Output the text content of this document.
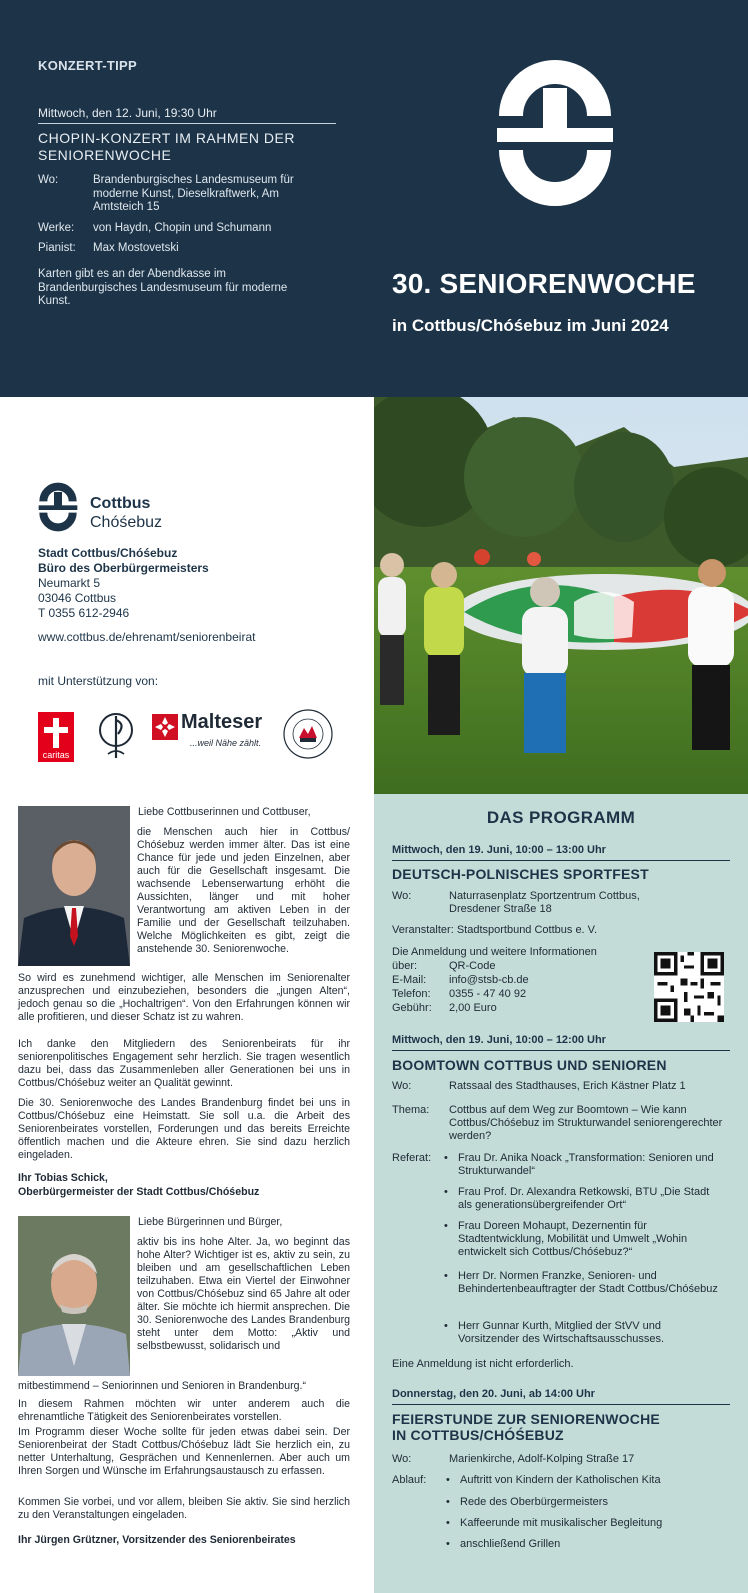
KONZERT-TIPP
Mittwoch, den 12. Juni, 19:30 Uhr
CHOPIN-KONZERT IM RAHMEN DER
SENIORENWOCHE
Wo:	Brandenburgisches Landesmuseum für moderne Kunst, Dieselkraftwerk, Am Amtsteich 15
Werke:	von Haydn, Chopin und Schumann
Pianist:	Max Mostovetski
Karten gibt es an der Abendkasse im Brandenburgisches Landesmuseum für moderne Kunst.
30. SENIORENWOCHE
in Cottbus/Chóśebuz im Juni 2024
Cottbus
Chóśebuz
Stadt Cottbus/Chóśebuz
Büro des Oberbürgermeisters
Neumarkt 5
03046 Cottbus
T 0355 612-2946
www.cottbus.de/ehrenamt/seniorenbeirat
mit Unterstützung von:
caritas
Malteser
...weil Nähe zählt.
Liebe Cottbuserinnen und Cottbuser,
die Menschen auch hier in Cottbus/ Chóśebuz werden immer älter. Das ist eine Chance für jede und jeden Einzelnen, aber auch für die Gesellschaft insgesamt. Die wachsende Lebenserwartung erhöht die Aussichten, länger und mit hoher Verantwortung am aktiven Leben in der Familie und der Gesellschaft teilzuhaben. Welche Möglichkeiten es gibt, zeigt die anstehende 30. Seniorenwoche.
So wird es zunehmend wichtiger, alle Menschen im Seniorenalter anzusprechen und einzubeziehen, besonders die „jungen Alten“, jedoch genau so die „Hochaltrigen“. Von den Erfahrungen können wir alle profitieren, und dieser Schatz ist zu wahren.
Ich danke den Mitgliedern des Seniorenbeirats für ihr seniorenpolitisches Engagement sehr herzlich. Sie tragen wesentlich dazu bei, dass das Zusammenleben aller Generationen bei uns in Cottbus/Chóśebuz weiter an Qualität gewinnt.
Die 30. Seniorenwoche des Landes Brandenburg findet bei uns in Cottbus/Chóśebuz eine Heimstatt. Sie soll u.a. die Arbeit des Seniorenbeirates vorstellen, Forderungen und das bereits Erreichte öffentlich machen und die Akteure ehren. Sie sind dazu herzlich eingeladen.
Ihr Tobias Schick,
Oberbürgermeister der Stadt Cottbus/Chóśebuz
Liebe Bürgerinnen und Bürger,
aktiv bis ins hohe Alter. Ja, wo beginnt das hohe Alter? Wichtiger ist es, aktiv zu sein, zu bleiben und am gesellschaftlichen Leben teilzuhaben. Etwa ein Viertel der Einwohner von Cottbus/Chóśebuz sind 65 Jahre alt oder älter. Sie möchte ich hiermit ansprechen. Die 30. Seniorenwoche des Landes Brandenburg steht unter dem Motto: „Aktiv und selbstbewusst, solidarisch und
mitbestimmend – Seniorinnen und Senioren in Brandenburg.“
In diesem Rahmen möchten wir unter anderem auch die ehrenamtliche Tätigkeit des Seniorenbeirates vorstellen.
Im Programm dieser Woche sollte für jeden etwas dabei sein. Der Seniorenbeirat der Stadt Cottbus/Chóśebuz lädt Sie herzlich ein, zu netter Unterhaltung, Gesprächen und Kennenlernen. Aber auch um Ihren Sorgen und Wünsche im Erfahrungsaustausch zu erfassen.
Kommen Sie vorbei, und vor allem, bleiben Sie aktiv. Sie sind herzlich zu den Veranstaltungen eingeladen.
Ihr Jürgen Grützner, Vorsitzender des Seniorenbeirates
DAS PROGRAMM
Mittwoch, den 19. Juni, 10:00 – 13:00 Uhr
DEUTSCH-POLNISCHES SPORTFEST
Wo:	Naturrasenplatz Sportzentrum Cottbus, Dresdener Straße 18
Veranstalter: Stadtsportbund Cottbus e. V.
Die Anmeldung und weitere Informationen
über:	QR-Code
E-Mail:	info@stsb-cb.de
Telefon:	0355 - 47 40 92
Gebühr:	2,00 Euro
Mittwoch, den 19. Juni, 10:00 – 12:00 Uhr
BOOMTOWN COTTBUS UND SENIOREN
Wo:	Ratssaal des Stadthauses, Erich Kästner Platz 1
Thema:	Cottbus auf dem Weg zur Boomtown – Wie kann Cottbus/Chóśebuz im Strukturwandel seniorengerechter werden?
Referat: • Frau Dr. Anika Noack „Transformation: Senioren und Strukturwandel“
• Frau Prof. Dr. Alexandra Retkowski, BTU „Die Stadt als generationsübergreifender Ort“
• Frau Doreen Mohaupt, Dezernentin für Stadtentwicklung, Mobilität und Umwelt „Wohin entwickelt sich Cottbus/Chóśebuz?“
• Herr Dr. Normen Franzke, Senioren- und Behindertenbeauftragter der Stadt Cottbus/Chóśebuz
• Herr Gunnar Kurth, Mitglied der StVV und Vorsitzender des Wirtschaftsausschusses.
Eine Anmeldung ist nicht erforderlich.
Donnerstag, den 20. Juni, ab 14:00 Uhr
FEIERSTUNDE ZUR SENIORENWOCHE
IN COTTBUS/CHÓŚEBUZ
Wo:	Marienkirche, Adolf-Kolping Straße 17
Ablauf:	• Auftritt von Kindern der Katholischen Kita
• Rede des Oberbürgermeisters
• Kaffeerunde mit musikalischer Begleitung
• anschließend Grillen
